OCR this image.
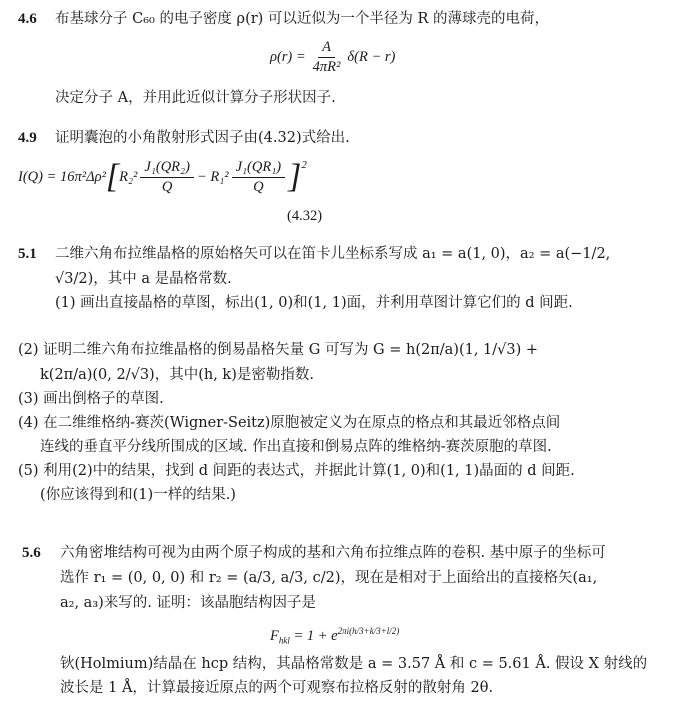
4.6 布基球分子 C₆₀ 的电子密度 ρ(r) 可以近似为一个半径为 R 的薄球壳的电荷，
$\rho(r) = \frac{A}{\text{4πR²}} \delta(R - r)$
决定分子 A，并用此近似计算分子形状因子.
4.9 证明囊泡的小角散射形式因子由(4.32)式给出.
I(Q) = 16π²Δρ² [ $R_2^2 \frac{\text{J₁(QR₂)}}{Q} - R_1^2 \frac{\text{J₁(QR₁)}}{Q} ]^2$
(4.32)
5.1 二维六角布拉维晶格的原始格矢可以在笛卡儿坐标系写成 a₁ = a(1, 0)，a₂ = a(−1/2,
√3/2)，其中 a 是晶格常数.
(1) 画出直接晶格的草图，标出(1, 0)和(1, 1)面，并利用草图计算它们的 d 间距.
(2) 证明二维六角布拉维晶格的倒易晶格矢量 G 可写为 G = h(2π/a)(1, 1/√3) +
k(2π/a)(0, 2/√3)，其中(h, k)是密勒指数.
(3) 画出倒格子的草图.
(4) 在二维维格纳-赛茨(Wigner-Seitz)原胞被定义为在原点的格点和其最近邻格点间
连线的垂直平分线所围成的区域. 作出直接和倒易点阵的维格纳-赛茨原胞的草图.
(5) 利用(2)中的结果，找到 d 间距的表达式，并据此计算(1, 0)和(1, 1)晶面的 d 间距.
(你应该得到和(1)一样的结果.)
5.6 六角密堆结构可视为由两个原子构成的基和六角布拉维点阵的卷积. 基中原子的坐标可
选作 r₁ = (0, 0, 0) 和 r₂ = (a/3, a/3, c/2)，现在是相对于上面给出的直接格矢(a₁,
a₂, a₃)来写的. 证明：该晶胞结构因子是
$F_{hkl} = 1 + e^{2\pi i(h/3+k/3+l/2)}$
钬(Holmium)结晶在 hcp 结构，其晶格常数是 a = 3.57 Å 和 c = 5.61 Å. 假设 X 射线的
波长是 1 Å，计算最接近原点的两个可观察布拉格反射的散射角 2θ.
